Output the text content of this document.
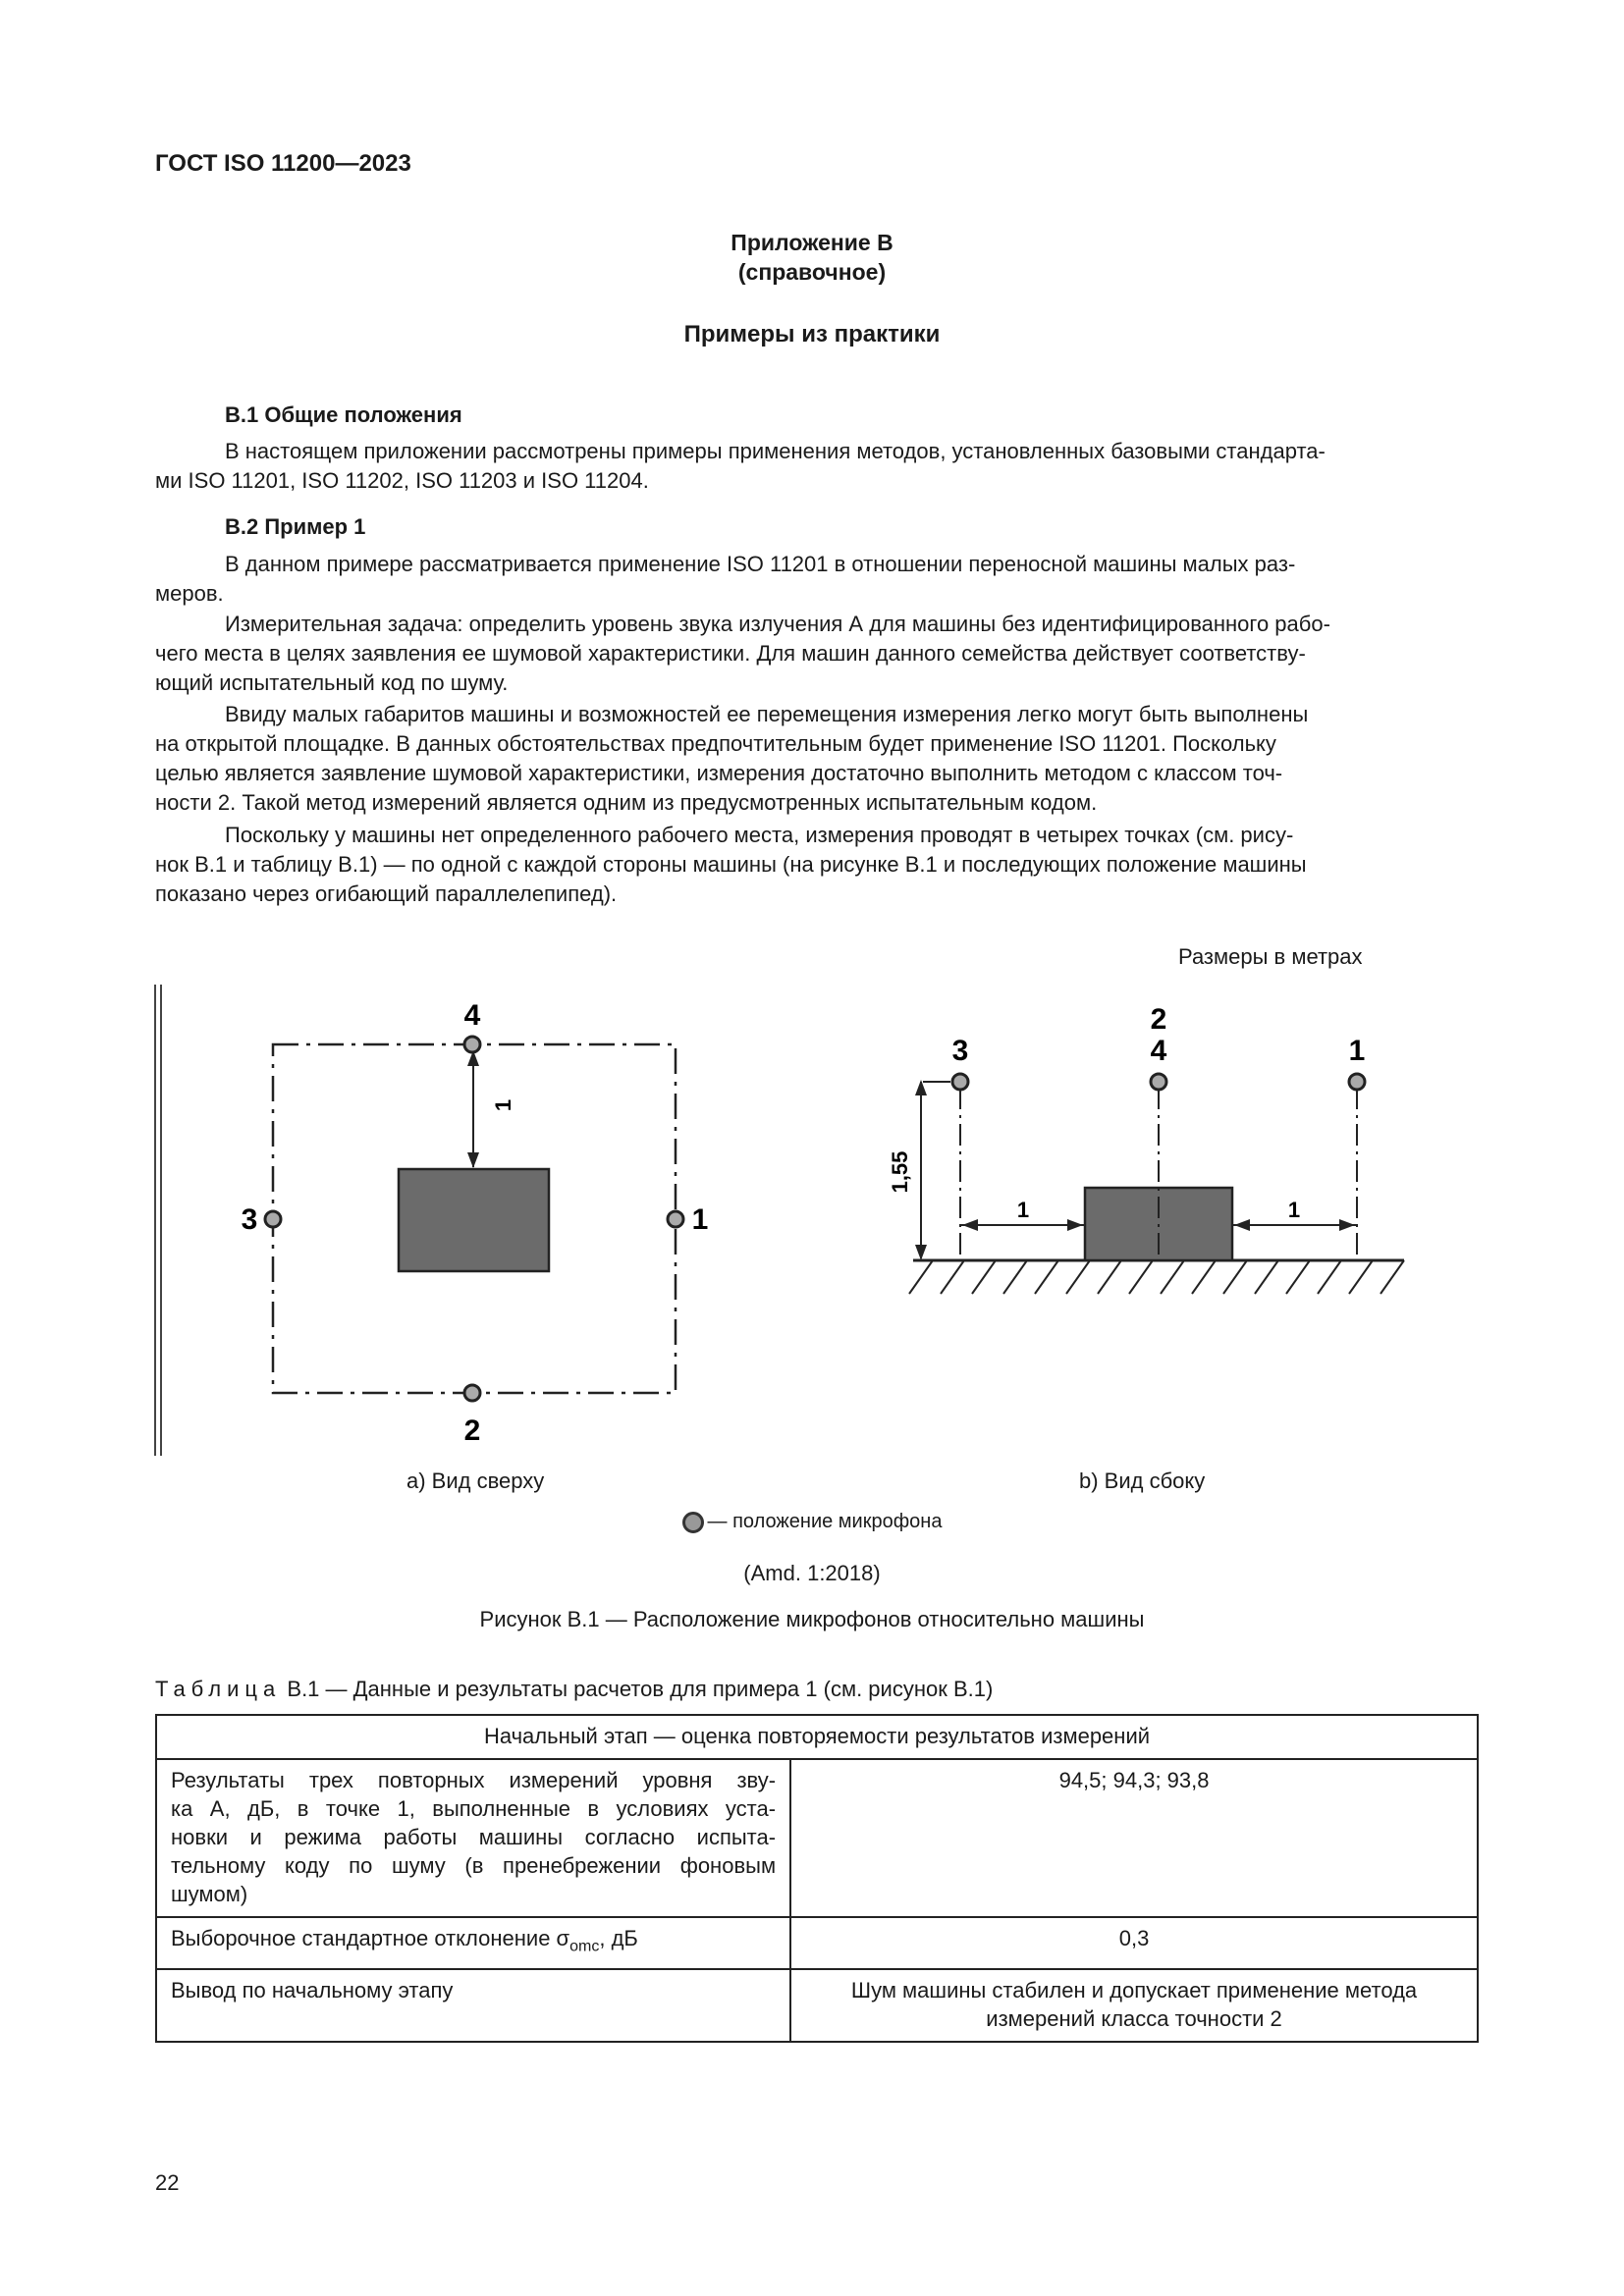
ГОСТ ISO 11200—2023
Приложение В
(справочное)
Примеры из практики
В.1 Общие положения
В настоящем приложении рассмотрены примеры применения методов, установленных базовыми стандарта-
ми ISO 11201, ISO 11202, ISO 11203 и ISO 11204.
В.2 Пример 1
В данном примере рассматривается применение ISO 11201 в отношении переносной машины малых раз-
меров.
Измерительная задача: определить уровень звука излучения А для машины без идентифицированного рабо-
чего места в целях заявления ее шумовой характеристики. Для машин данного семейства действует соответству-
ющий испытательный код по шуму.
Ввиду малых габаритов машины и возможностей ее перемещения измерения легко могут быть выполнены
на открытой площадке. В данных обстоятельствах предпочтительным будет применение ISO 11201. Поскольку
целью является заявление шумовой характеристики, измерения достаточно выполнить методом с классом точ-
ности 2. Такой метод измерений является одним из предусмотренных испытательным кодом.
Поскольку у машины нет определенного рабочего места, измерения проводят в четырех точках (см. рису-
нок В.1 и таблицу В.1) — по одной с каждой стороны машины (на рисунке В.1 и последующих положение машины
показано через огибающий параллелепипед).
Размеры в метрах
1
4
3	1
2
2
4
3	1
1,55
1	1
a) Вид сверху	b) Вид сбоку
— положение микрофона
(Amd. 1:2018)
Рисунок В.1 — Расположение микрофонов относительно машины
Таблица В.1 — Данные и результаты расчетов для примера 1 (см. рисунок В.1)
Начальный этап — оценка повторяемости результатов измерений	

Результаты трех повторных измерений уровня зву-
ка А, дБ, в точке 1, выполненные в условиях уста-
новки и режима работы машины согласно испыта-
тельному коду по шуму (в пренебрежении фоновым
шумом)	94,5; 94,3; 93,8
Выборочное стандартное отклонение $\sigma_{omc}$, дБ	0,3
Вывод по начальному этапу	Шум машины стабилен и допускает применение метода
измерений класса точности 2
22
